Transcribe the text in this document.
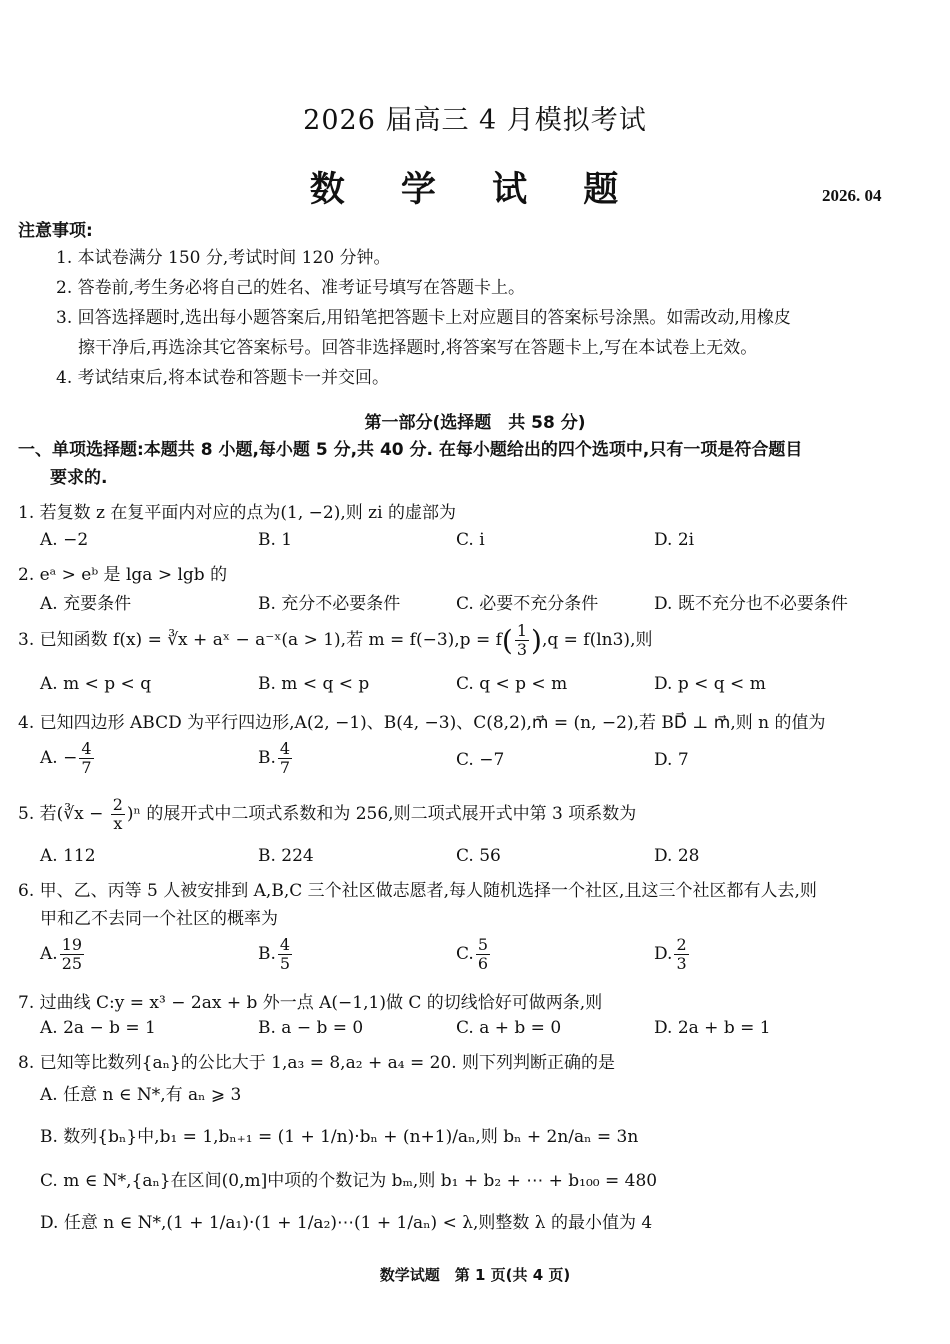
2026 届高三 4 月模拟考试
数 学 试 题	2026. 04
注意事项:
1. 本试卷满分 150 分,考试时间 120 分钟。
2. 答卷前,考生务必将自己的姓名、准考证号填写在答题卡上。
3. 回答选择题时,选出每小题答案后,用铅笔把答题卡上对应题目的答案标号涂黑。如需改动,用橡皮
擦干净后,再选涂其它答案标号。回答非选择题时,将答案写在答题卡上,写在本试卷上无效。
4. 考试结束后,将本试卷和答题卡一并交回。
第一部分(选择题　共 58 分)
一、单项选择题:本题共 8 小题,每小题 5 分,共 40 分. 在每小题给出的四个选项中,只有一项是符合题目
要求的.
1. 若复数 z 在复平面内对应的点为(1, −2),则 zi 的虚部为
A. −2	B. 1	C. i	D. 2i
2. eᵃ > eᵇ 是 lga > lgb 的
A. 充要条件	B. 充分不必要条件	C. 必要不充分条件	D. 既不充分也不必要条件
3. 已知函数 f(x) = ∛x + aˣ − a⁻ˣ(a > 1),若 $m = f(-3),p = f( \frac{1}{3} ),q = f(\ln 3)$,则
A. m < p < q	B. m < q < p	C. q < p < m	D. p < q < m
4. 已知四边形 ABCD 为平行四边形,A(2, −1)、B(4, −3)、C(8,2),m⃗ = (n, −2),若 BD⃗ ⊥ m⃗,则 n 的值为
A. − $\frac{4}{7}$	B. $\frac{4}{7}$	C. −7	D. 7
5. 若(∛x − $\frac{2}{x} )^n$ 的展开式中二项式系数和为 256,则二项式展开式中第 3 项系数为
A. 112	B. 224	C. 56	D. 28
6. 甲、乙、丙等 5 人被安排到 A,B,C 三个社区做志愿者,每人随机选择一个社区,且这三个社区都有人去,则
甲和乙不去同一个社区的概率为
A. $\frac{19}{25}$	B. $\frac{4}{5}$	C. $\frac{5}{6}$	D. $\frac{2}{3}$
7. 过曲线 C:y = x³ − 2ax + b 外一点 A(−1,1)做 C 的切线恰好可做两条,则
A. 2a − b = 1	B. a − b = 0	C. a + b = 0	D. 2a + b = 1
8. 已知等比数列{aₙ}的公比大于 1,a₃ = 8,a₂ + a₄ = 20. 则下列判断正确的是
A. 任意 n ∈ N*,有 aₙ ⩾ 3
B. 数列{bₙ}中,b₁ = 1,bₙ₊₁ = (1 + 1/n)·bₙ + (n+1)/aₙ,则 bₙ + 2n/aₙ = 3n
C. m ∈ N*,{aₙ}在区间(0,m]中项的个数记为 bₘ,则 b₁ + b₂ + ⋯ + b₁₀₀ = 480
D. 任意 n ∈ N*,(1 + 1/a₁)·(1 + 1/a₂)⋯(1 + 1/aₙ) < λ,则整数 λ 的最小值为 4
数学试题　第 1 页(共 4 页)
